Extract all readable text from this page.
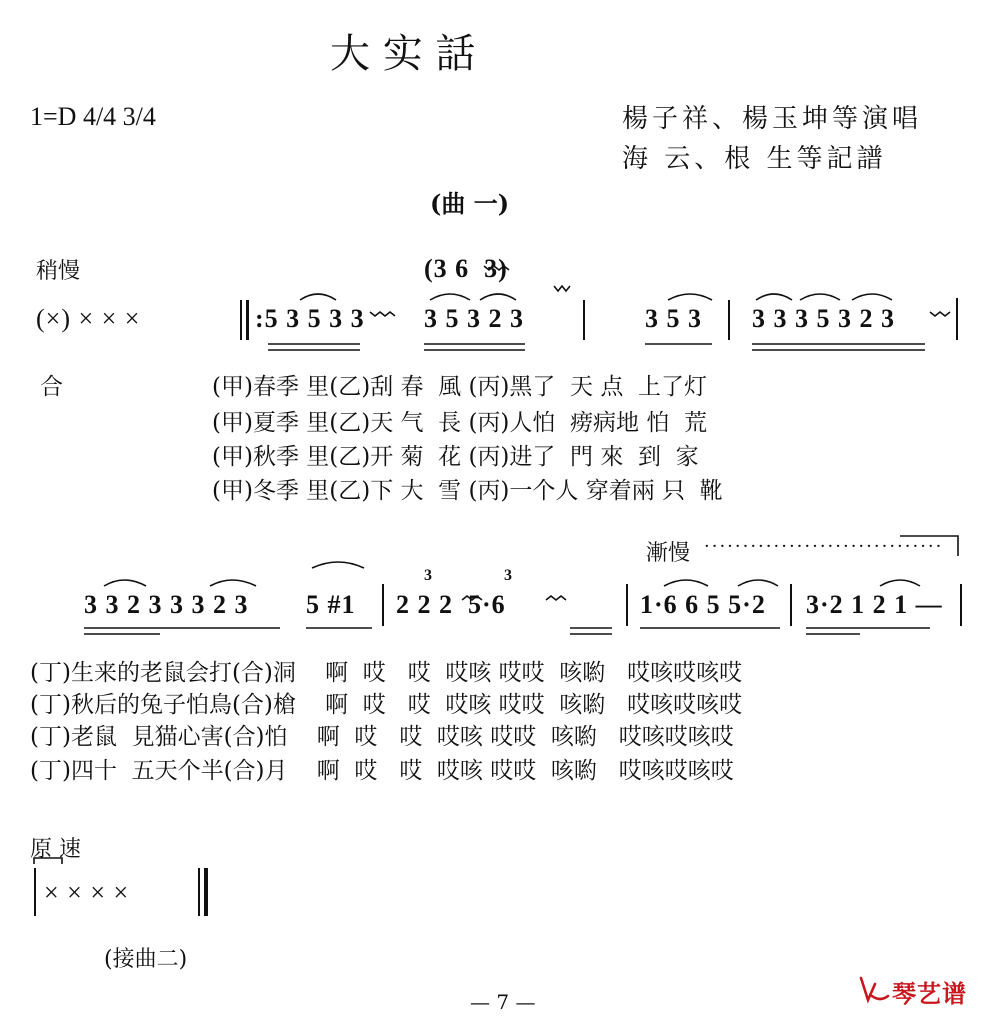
大 实 話
1=D 4/4 3/4	楊子祥、楊玉坤等演唱
海 云、根 生等記譜
(曲 一)
稍慢	(3 6  3)
(×) × × ×	:5 3 5 3 3 3 5 3 2 3	3 5 3 3 3 3 5 3 2 3
合	(甲)春季 里(乙)刮 春  風 (丙)黑了  天 点  上了灯
(甲)夏季 里(乙)天 气  長 (丙)人怕  痨病地 怕  荒
(甲)秋季 里(乙)开 菊  花 (丙)进了  門 來  到  家
(甲)冬季 里(乙)下 大  雪 (丙)一个人 穿着兩 只  靴
漸慢 ·······························
3 3 2 3 3 3 2 3 5 #1 2 2 2  5·6	1·6 6 5 5·2 3·2 1 2 1 —
3	3
(丁)生来的老鼠会打(合)洞    啊  哎   哎  哎咳 哎哎  咳喲   哎咳哎咳哎
(丁)秋后的兔子怕鳥(合)槍    啊  哎   哎  哎咳 哎哎  咳喲   哎咳哎咳哎
(丁)老鼠  見猫心害(合)怕    啊  哎   哎  哎咳 哎哎  咳喲   哎咳哎咳哎
(丁)四十  五天个半(合)月    啊  哎   哎  哎咳 哎哎  咳喲   哎咳哎咳哎
原 速
× × × ×
(接曲二)
— 7 —	琴艺谱
